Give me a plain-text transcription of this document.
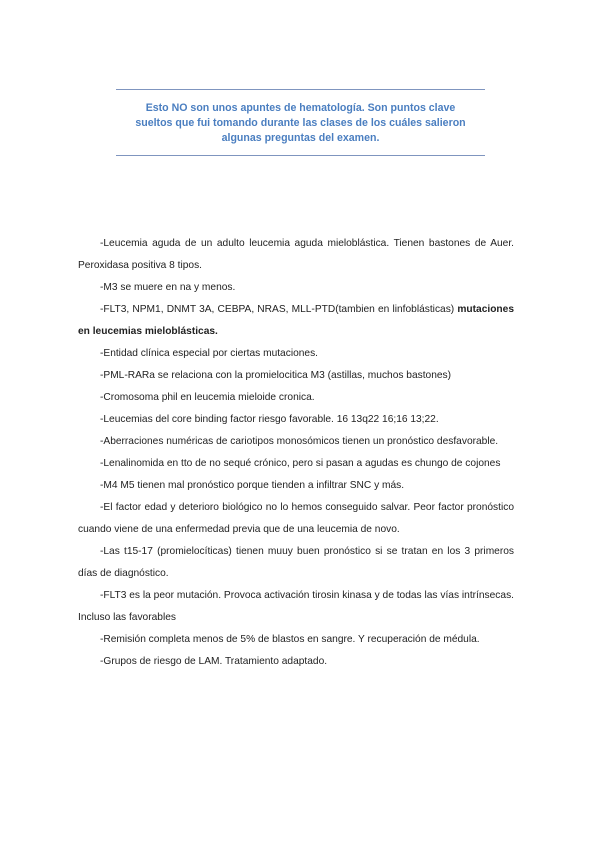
Esto NO son unos apuntes de hematología. Son puntos clave
sueltos que fui tomando durante las clases de los cuáles salieron
algunas preguntas del examen.

-Leucemia aguda de un adulto leucemia aguda mieloblástica. Tienen bastones de Auer. Peroxidasa positiva 8 tipos.

-M3 se muere en na y menos.

-FLT3, NPM1, DNMT 3A, CEBPA, NRAS, MLL-PTD(tambien en linfoblásticas) mutaciones en leucemias mieloblásticas.

-Entidad clínica especial por ciertas mutaciones.

-PML-RARa se relaciona con la promielocitica M3 (astillas, muchos bastones)

-Cromosoma phil en leucemia mieloide cronica.

-Leucemias del core binding factor riesgo favorable. 16 13q22 16;16 13;22.

-Aberraciones numéricas de cariotipos monosómicos tienen un pronóstico desfavorable.

-Lenalinomida en tto de no sequé crónico, pero si pasan a agudas es chungo de cojones

-M4 M5 tienen mal pronóstico porque tienden a infiltrar SNC y más.

-El factor edad y deterioro biológico no lo hemos conseguido salvar. Peor factor pronóstico cuando viene de una enfermedad previa que de una leucemia de novo.

-Las t15-17 (promielocíticas) tienen muuy buen pronóstico si se tratan en los 3 primeros días de diagnóstico.

-FLT3 es la peor mutación. Provoca activación tirosin kinasa y de todas las vías intrínsecas. Incluso las favorables

-Remisión completa menos de 5% de blastos en sangre. Y recuperación de médula.

-Grupos de riesgo de LAM. Tratamiento adaptado.
